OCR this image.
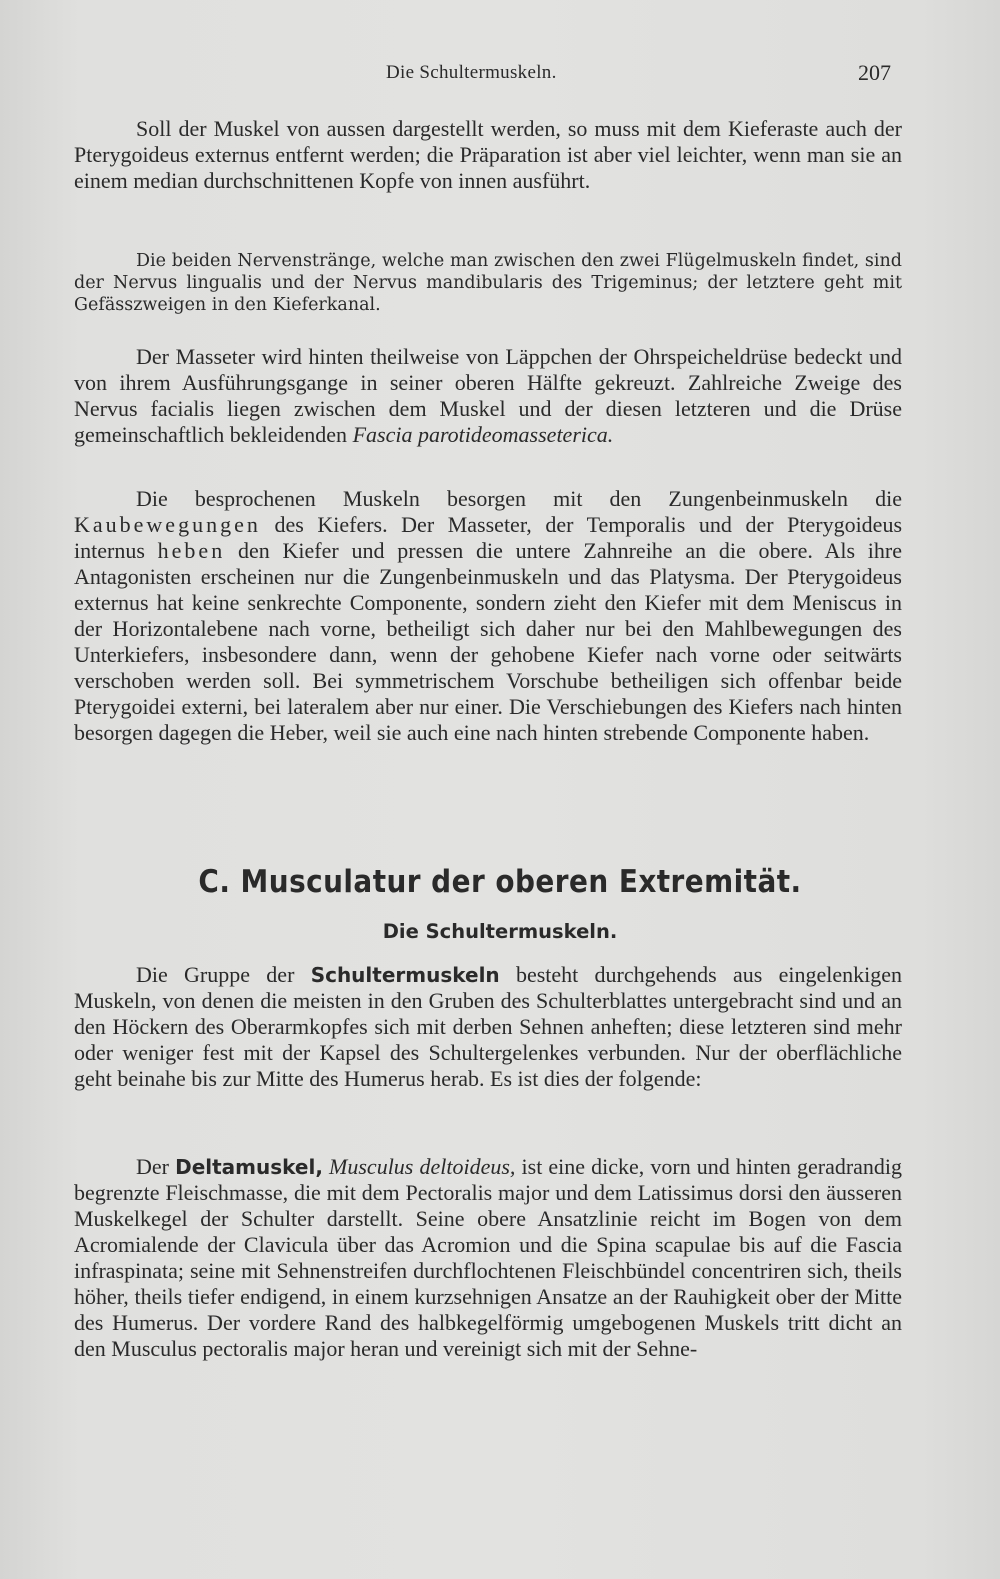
Die Schultermuskeln.	207

Soll der Muskel von aussen dargestellt werden, so muss mit dem Kieferaste auch der Pterygoideus externus entfernt werden; die Präparation ist aber viel leichter, wenn man sie an einem median durchschnittenen Kopfe von innen ausführt.

Die beiden Nervenstränge, welche man zwischen den zwei Flügelmuskeln findet, sind der Nervus lingualis und der Nervus mandibularis des Trigeminus; der letztere geht mit Gefässzweigen in den Kieferkanal.

Der Masseter wird hinten theilweise von Läppchen der Ohrspeicheldrüse bedeckt und von ihrem Ausführungsgange in seiner oberen Hälfte gekreuzt. Zahlreiche Zweige des Nervus facialis liegen zwischen dem Muskel und der diesen letzteren und die Drüse gemeinschaftlich bekleidenden Fascia parotideomasseterica.

Die besprochenen Muskeln besorgen mit den Zungenbeinmuskeln die Kaubewegungen des Kiefers. Der Masseter, der Temporalis und der Pterygoideus internus heben den Kiefer und pressen die untere Zahnreihe an die obere. Als ihre Antagonisten erscheinen nur die Zungenbeinmuskeln und das Platysma. Der Pterygoideus externus hat keine senkrechte Componente, sondern zieht den Kiefer mit dem Meniscus in der Horizontalebene nach vorne, betheiligt sich daher nur bei den Mahlbewegungen des Unterkiefers, insbesondere dann, wenn der gehobene Kiefer nach vorne oder seitwärts verschoben werden soll. Bei symmetrischem Vorschube betheiligen sich offenbar beide Pterygoidei externi, bei lateralem aber nur einer. Die Verschiebungen des Kiefers nach hinten besorgen dagegen die Heber, weil sie auch eine nach hinten strebende Componente haben.

C. Musculatur der oberen Extremität.
Die Schultermuskeln.

Die Gruppe der Schultermuskeln besteht durchgehends aus eingelenkigen Muskeln, von denen die meisten in den Gruben des Schulterblattes untergebracht sind und an den Höckern des Oberarmkopfes sich mit derben Sehnen anheften; diese letzteren sind mehr oder weniger fest mit der Kapsel des Schultergelenkes verbunden. Nur der oberflächliche geht beinahe bis zur Mitte des Humerus herab. Es ist dies der folgende:

Der Deltamuskel, Musculus deltoideus, ist eine dicke, vorn und hinten geradrandig begrenzte Fleischmasse, die mit dem Pectoralis major und dem Latissimus dorsi den äusseren Muskelkegel der Schulter darstellt. Seine obere Ansatzlinie reicht im Bogen von dem Acromialende der Clavicula über das Acromion und die Spina scapulae bis auf die Fascia infraspinata; seine mit Sehnenstreifen durchflochtenen Fleischbündel concentriren sich, theils höher, theils tiefer endigend, in einem kurzsehnigen Ansatze an der Rauhigkeit ober der Mitte des Humerus. Der vordere Rand des halbkegelförmig umgebogenen Muskels tritt dicht an den Musculus pectoralis major heran und vereinigt sich mit der Sehne-
